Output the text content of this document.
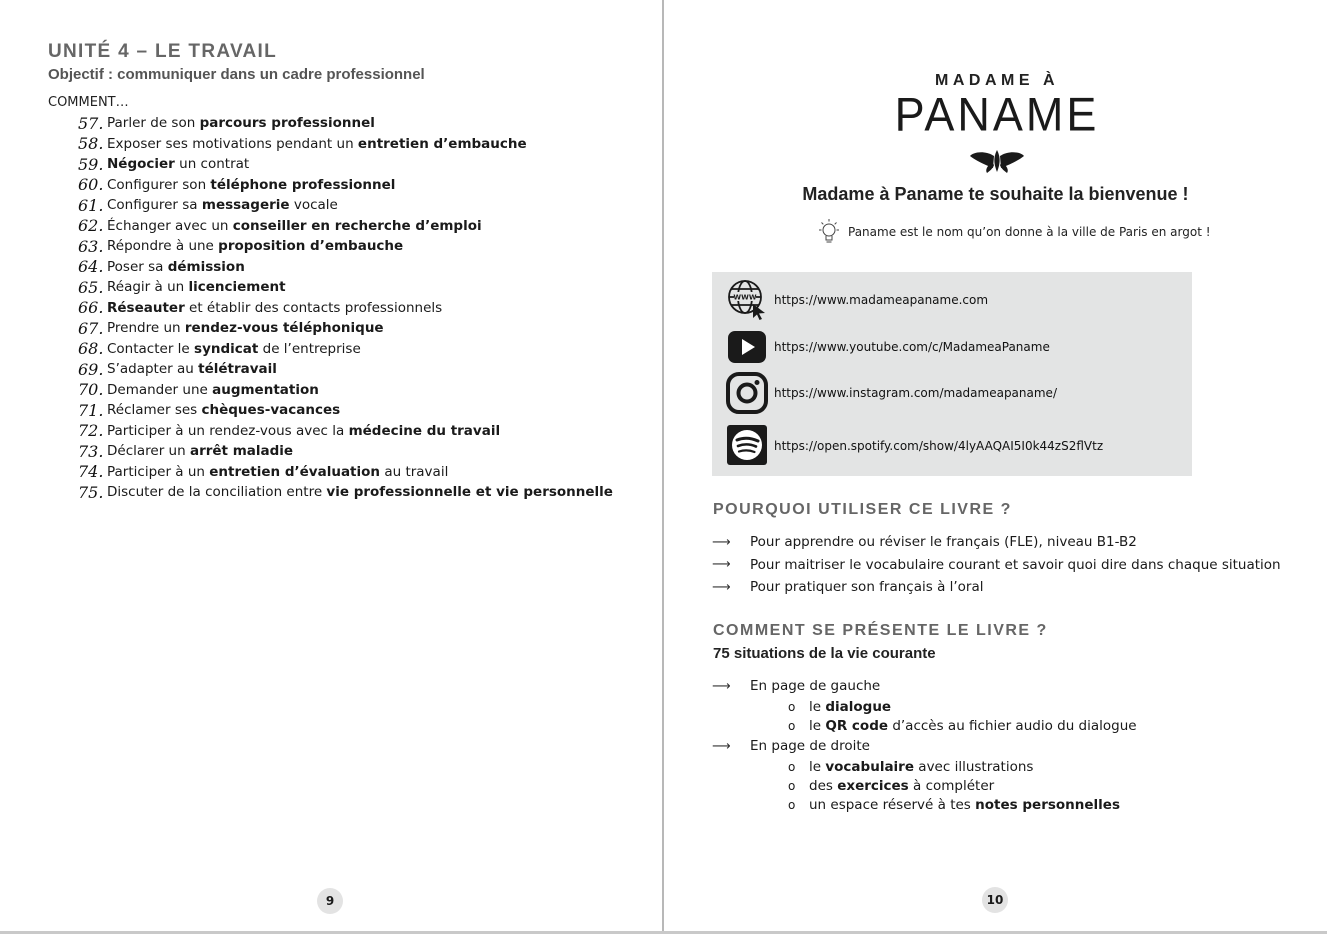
UNITÉ 4 – LE TRAVAIL
Objectif : communiquer dans un cadre professionnel
COMMENT…
57. Parler de son parcours professionnel
58. Exposer ses motivations pendant un entretien d’embauche
59. Négocier un contrat
60. Configurer son téléphone professionnel
61. Configurer sa messagerie vocale
62. Échanger avec un conseiller en recherche d’emploi
63. Répondre à une proposition d’embauche
64. Poser sa démission
65. Réagir à un licenciement
66. Réseauter et établir des contacts professionnels
67. Prendre un rendez-vous téléphonique
68. Contacter le syndicat de l’entreprise
69. S’adapter au télétravail
70. Demander une augmentation
71. Réclamer ses chèques-vacances
72. Participer à un rendez-vous avec la médecine du travail
73. Déclarer un arrêt maladie
74. Participer à un entretien d’évaluation au travail
75. Discuter de la conciliation entre vie professionnelle et vie personnelle
9
MADAME À
PANAME
Madame à Paname te souhaite la bienvenue !
Paname est le nom qu’on donne à la ville de Paris en argot !
WWW https://www.madameapaname.com
https://www.youtube.com/c/MadameaPaname
https://www.instagram.com/madameapaname/
https://open.spotify.com/show/4lyAAQAI5I0k44zS2flVtz
POURQUOI UTILISER CE LIVRE ?
⟶	Pour apprendre ou réviser le français (FLE), niveau B1-B2
⟶	Pour maitriser le vocabulaire courant et savoir quoi dire dans chaque situation
⟶	Pour pratiquer son français à l’oral
COMMENT SE PRÉSENTE LE LIVRE ?
75 situations de la vie courante
⟶	En page de gauche
o	le dialogue
o	le QR code d’accès au fichier audio du dialogue
⟶	En page de droite
o	le vocabulaire avec illustrations
o	des exercices à compléter
o	un espace réservé à tes notes personnelles
10
